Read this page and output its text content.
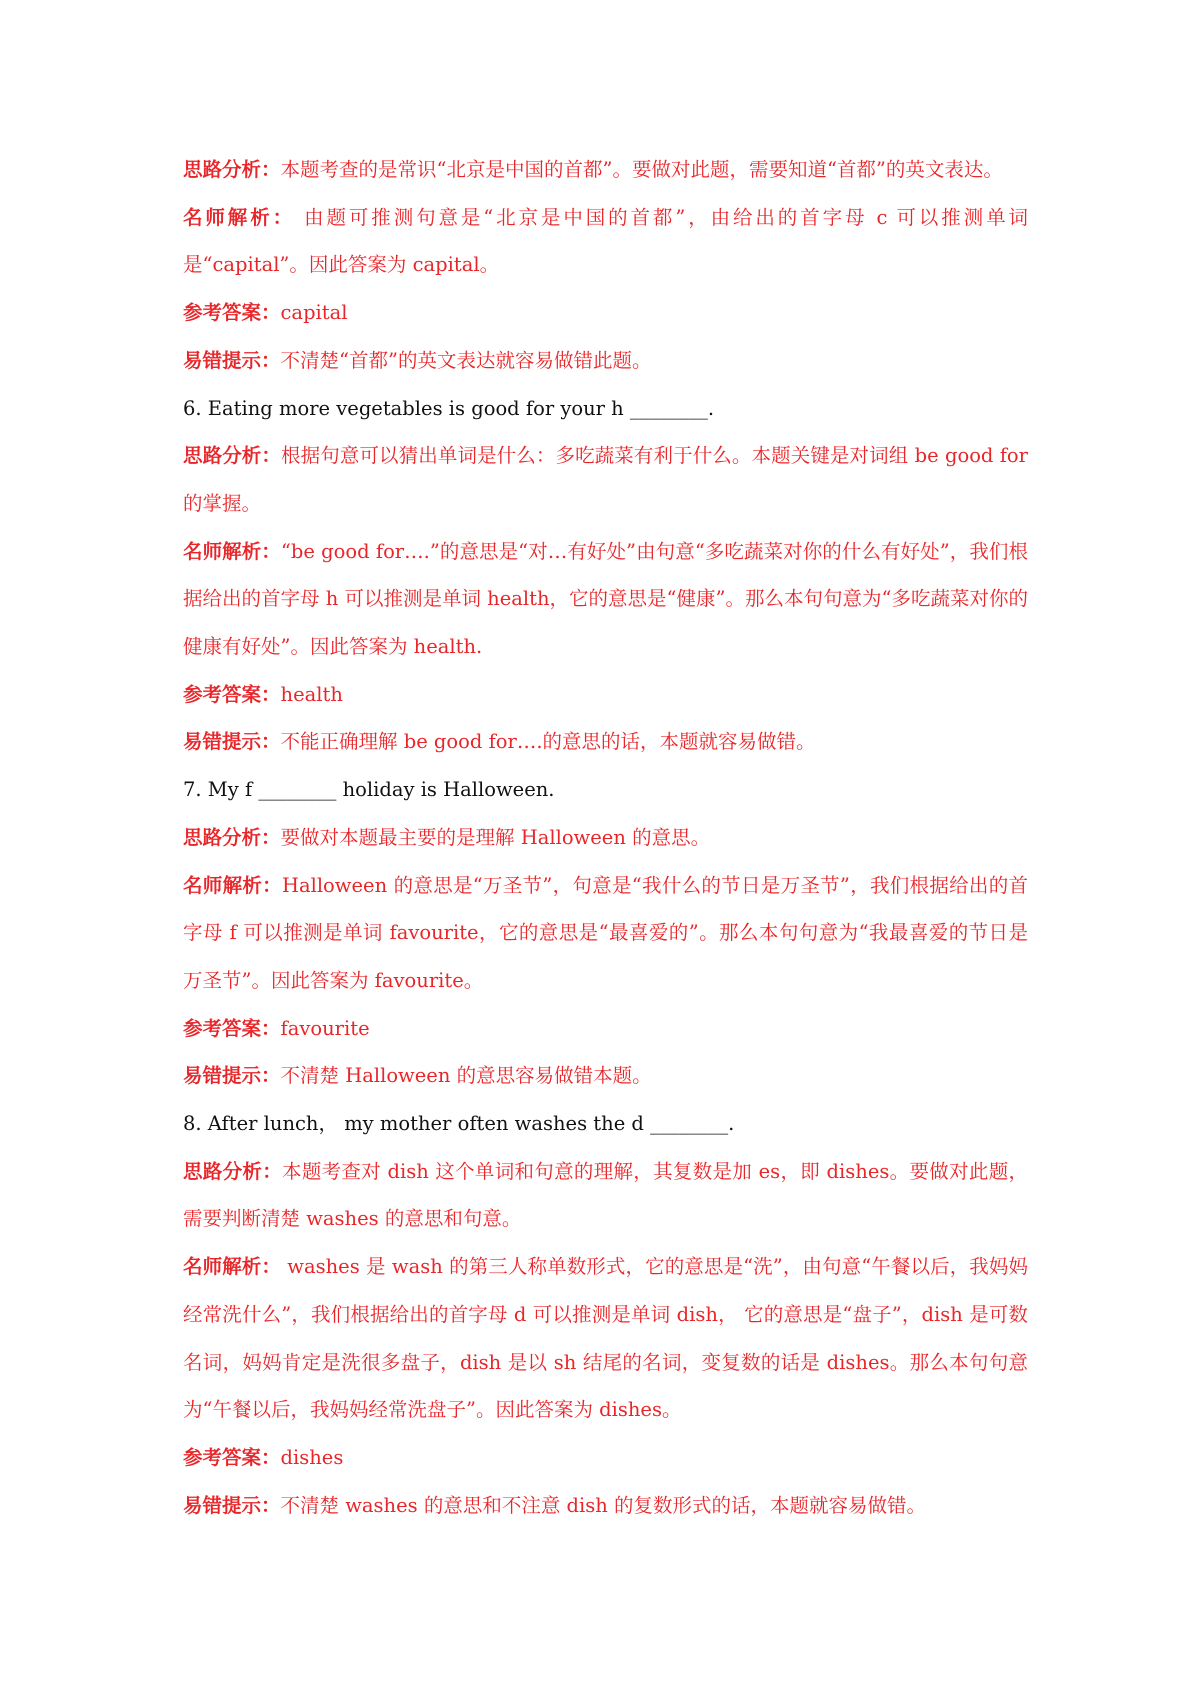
思路分析：本题考查的是常识“北京是中国的首都”。要做对此题，需要知道“首都”的英文表达。
名师解析： 由题可推测句意是“北京是中国的首都”，由给出的首字母 c 可以推测单词是“capital”。因此答案为 capital。
参考答案：capital
易错提示：不清楚“首都”的英文表达就容易做错此题。
6. Eating more vegetables is good for your h ________.
思路分析：根据句意可以猜出单词是什么：多吃蔬菜有利于什么。本题关键是对词组 be good for 的掌握。
名师解析：“be good for….”的意思是“对…有好处”由句意“多吃蔬菜对你的什么有好处”，我们根据给出的首字母 h 可以推测是单词 health，它的意思是“健康”。那么本句句意为“多吃蔬菜对你的健康有好处”。因此答案为 health.
参考答案：health
易错提示：不能正确理解 be good for….的意思的话，本题就容易做错。
7. My f ________ holiday is Halloween.
思路分析：要做对本题最主要的是理解 Halloween 的意思。
名师解析：Halloween 的意思是“万圣节”，句意是“我什么的节日是万圣节”，我们根据给出的首字母 f 可以推测是单词 favourite，它的意思是“最喜爱的”。那么本句句意为“我最喜爱的节日是万圣节”。因此答案为 favourite。
参考答案：favourite
易错提示：不清楚 Halloween 的意思容易做错本题。
8. After lunch， my mother often washes the d ________.
思路分析：本题考查对 dish 这个单词和句意的理解，其复数是加 es，即 dishes。要做对此题，需要判断清楚 washes 的意思和句意。
名师解析： washes 是 wash 的第三人称单数形式，它的意思是“洗”，由句意“午餐以后，我妈妈经常洗什么”，我们根据给出的首字母 d 可以推测是单词 dish， 它的意思是“盘子”，dish 是可数名词，妈妈肯定是洗很多盘子，dish 是以 sh 结尾的名词，变复数的话是 dishes。那么本句句意为“午餐以后，我妈妈经常洗盘子”。因此答案为 dishes。
参考答案：dishes
易错提示：不清楚 washes 的意思和不注意 dish 的复数形式的话，本题就容易做错。
